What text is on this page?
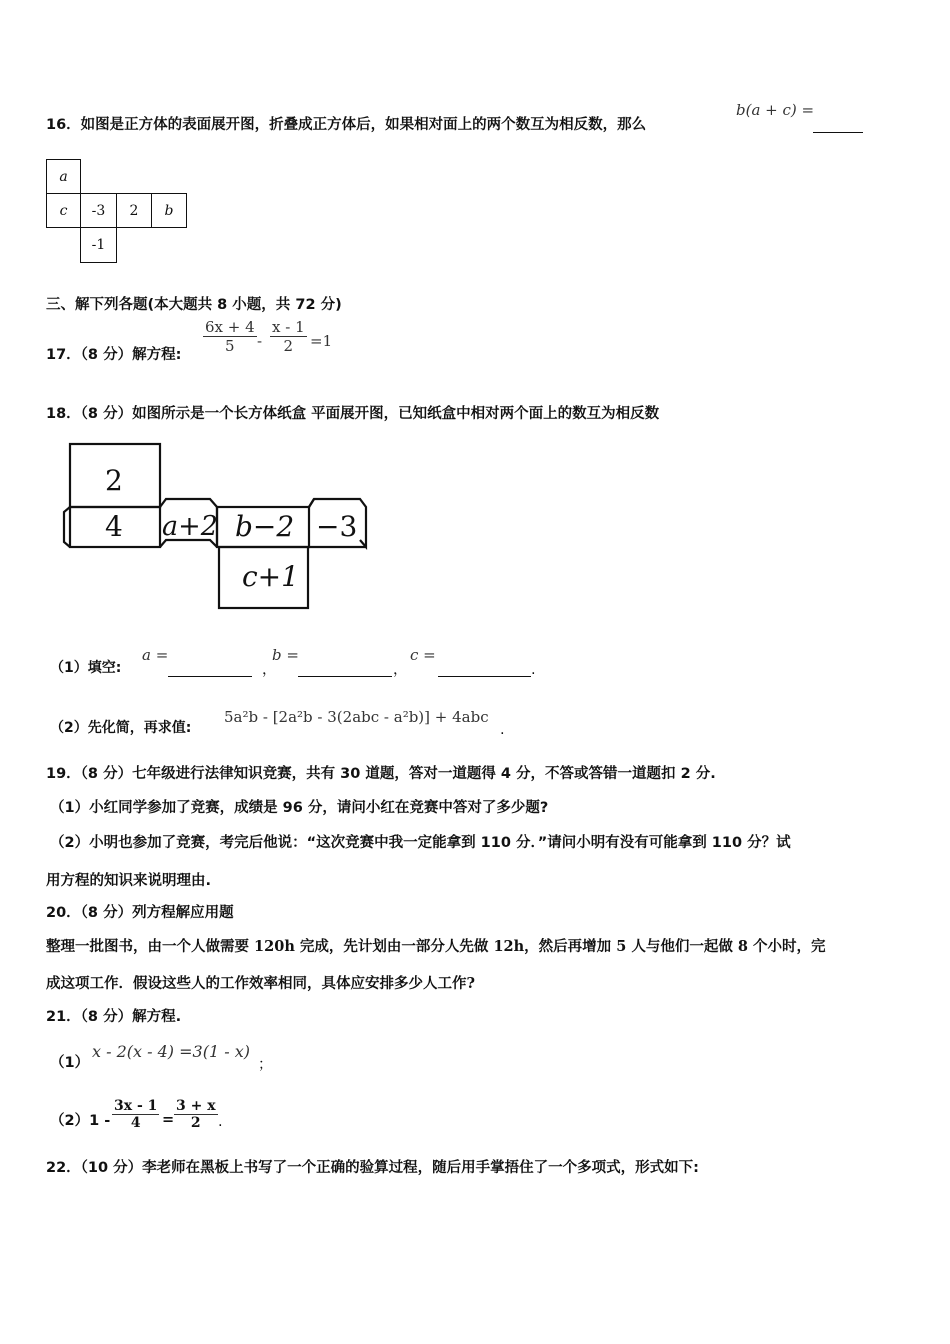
16．如图是正方体的表面展开图，折叠成正方体后，如果相对面上的两个数互为相反数，那么
b(a + c) =
a
c	-3	2	b
-1
三、解下列各题(本大题共 8 小题，共 72 分)
17．（8 分）解方程: $\frac{6x + 4}{5} - \frac{x - 1}{2} =1$
18．（8 分）如图所示是一个长方体纸盒 平面展开图，已知纸盒中相对两个面上的数互为相反数
2
4 a+2 b−2 −3
c+1
（1）填空:
a =
，
b =
，
c =
.
（2）先化简，再求值:
5a²b - [2a²b - 3(2abc - a²b)] + 4abc
.
19．（8 分）七年级进行法律知识竞赛，共有 30 道题，答对一道题得 4 分，不答或答错一道题扣 2 分.
（1）小红同学参加了竞赛，成绩是 96 分，请问小红在竞赛中答对了多少题?
（2）小明也参加了竞赛，考完后他说：“这次竞赛中我一定能拿到 110 分．”请问小明有没有可能拿到 110 分？试
用方程的知识来说明理由.
20．（8 分）列方程解应用题
整理一批图书，由一个人做需要 120h 完成，先计划由一部分人先做 12h，然后再增加 5 人与他们一起做 8 个小时，完
成这项工作．假设这些人的工作效率相同，具体应安排多少人工作?
21．（8 分）解方程.
（1）
x - 2(x - 4) =3(1 - x)
；
$(2)1 - \frac{3x - 1}{4} = \frac{3 + x}{2}$ .
22．（10 分）李老师在黑板上书写了一个正确的验算过程，随后用手掌捂住了一个多项式，形式如下:
